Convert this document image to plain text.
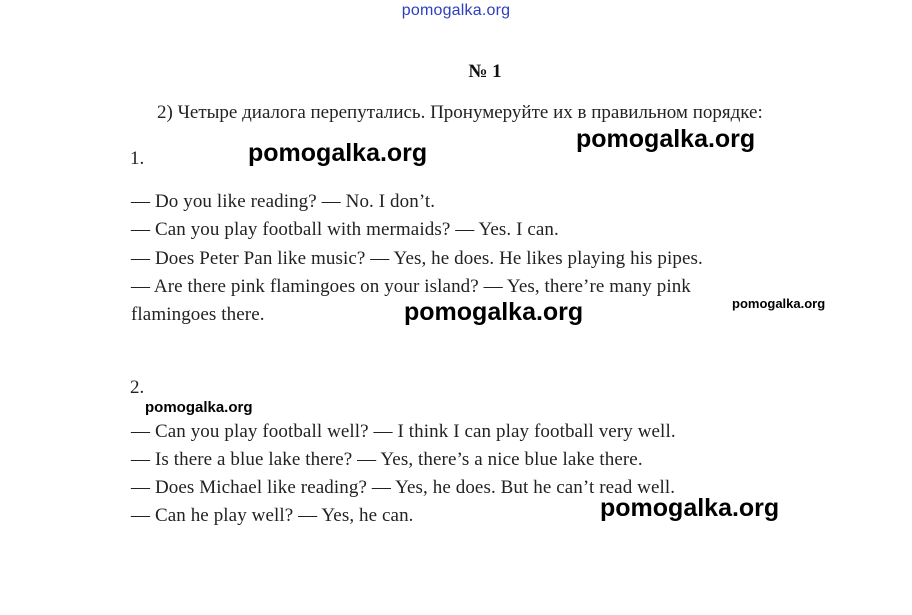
pomogalka.org
№ 1
2) Четыре диалога перепутались. Пронумеруйте их в правильном порядке:
1.
— Do you like reading? — No. I don’t.
— Can you play football with mermaids? — Yes. I can.
— Does Peter Pan like music? — Yes, he does. He likes playing his pipes.
— Are there pink flamingoes on your island? — Yes, there’re many pink
flamingoes there.
2.
— Can you play football well? — I think I can play football very well.
— Is there a blue lake there? — Yes, there’s a nice blue lake there.
— Does Michael like reading? — Yes, he does. But he can’t read well.
— Can he play well? — Yes, he can.
pomogalka.org	pomogalka.org
pomogalka.org
pomogalka.org
pomogalka.org
pomogalka.org
